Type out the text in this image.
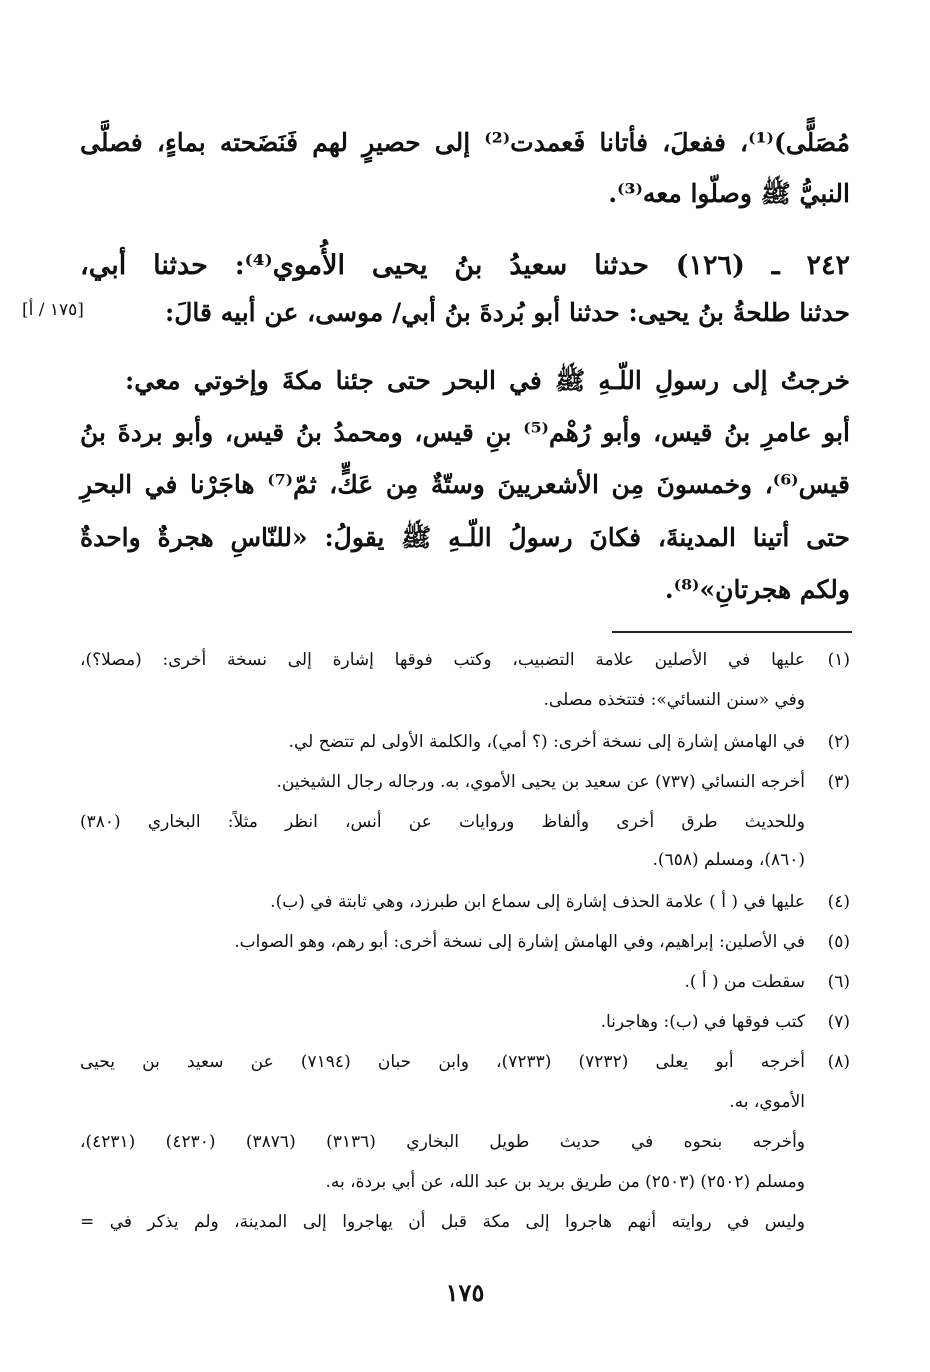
مُصَلًّى)⁽¹⁾، ففعلَ، فأتانا فَعمدت⁽²⁾ إلى حصيرٍ لهم فَنَضَحته بماءٍ، فصلَّى
النبيُّ ﷺ وصلّوا معه⁽³⁾.
٢٤٢ ـ (١٢٦) حدثنا سعيدُ بنُ يحيى الأُموي⁽⁴⁾: حدثنا أبي،
حدثنا طلحةُ بنُ يحيى: حدثنا أبو بُردةَ بنُ أبي/ موسى، عن أبيه قالَ:
[١٧٥ / أ]
خرجتُ إلى رسولِ اللّـهِ ﷺ في البحر حتى جئنا مكةَ وإخوتي معي:
أبو عامرِ بنُ قيس، وأبو رُهْم⁽⁵⁾ بنِ قيس، ومحمدُ بنُ قيس، وأبو بردةَ بنُ
قيس⁽⁶⁾، وخمسونَ مِن الأشعريينَ وستّةٌ مِن عَكٍّ، ثمّ⁽⁷⁾ هاجَرْنا في البحرِ
حتى أتينا المدينةَ، فكانَ رسولُ اللّـهِ ﷺ يقولُ: «للنّاسِ هجرةٌ واحدةٌ
ولكم هجرتانِ»⁽⁸⁾.
(١)
عليها في الأصلين علامة التضبيب، وكتب فوقها إشارة إلى نسخة أخرى: (مصلا؟)،
وفي «سنن النسائي»: فتتخذه مصلى.
(٢)
في الهامش إشارة إلى نسخة أخرى: (؟ أمي)، والكلمة الأولى لم تتضح لي.
(٣)
أخرجه النسائي (٧٣٧) عن سعيد بن يحيى الأموي، به. ورجاله رجال الشيخين.
وللحديث طرق أخرى وألفاظ وروايات عن أنس، انظر مثلاً: البخاري (٣٨٠)
(٨٦٠)، ومسلم (٦٥٨).
(٤)
عليها في ( أ ) علامة الحذف إشارة إلى سماع ابن طبرزد، وهي ثابتة في (ب).
(٥)
في الأصلين: إبراهيم، وفي الهامش إشارة إلى نسخة أخرى: أبو رهم، وهو الصواب.
(٦)
سقطت من ( أ ).
(٧)
كتب فوقها في (ب): وهاجرنا.
(٨)
أخرجه أبو يعلى (٧٢٣٢) (٧٢٣٣)، وابن حبان (٧١٩٤) عن سعيد بن يحيى
الأموي، به.
وأخرجه بنحوه في حديث طويل البخاري (٣١٣٦) (٣٨٧٦) (٤٢٣٠) (٤٢٣١)،
ومسلم (٢٥٠٢) (٢٥٠٣) من طريق بريد بن عبد الله، عن أبي بردة، به.
وليس في روايته أنهم هاجروا إلى مكة قبل أن يهاجروا إلى المدينة، ولم يذكر في =
١٧٥
